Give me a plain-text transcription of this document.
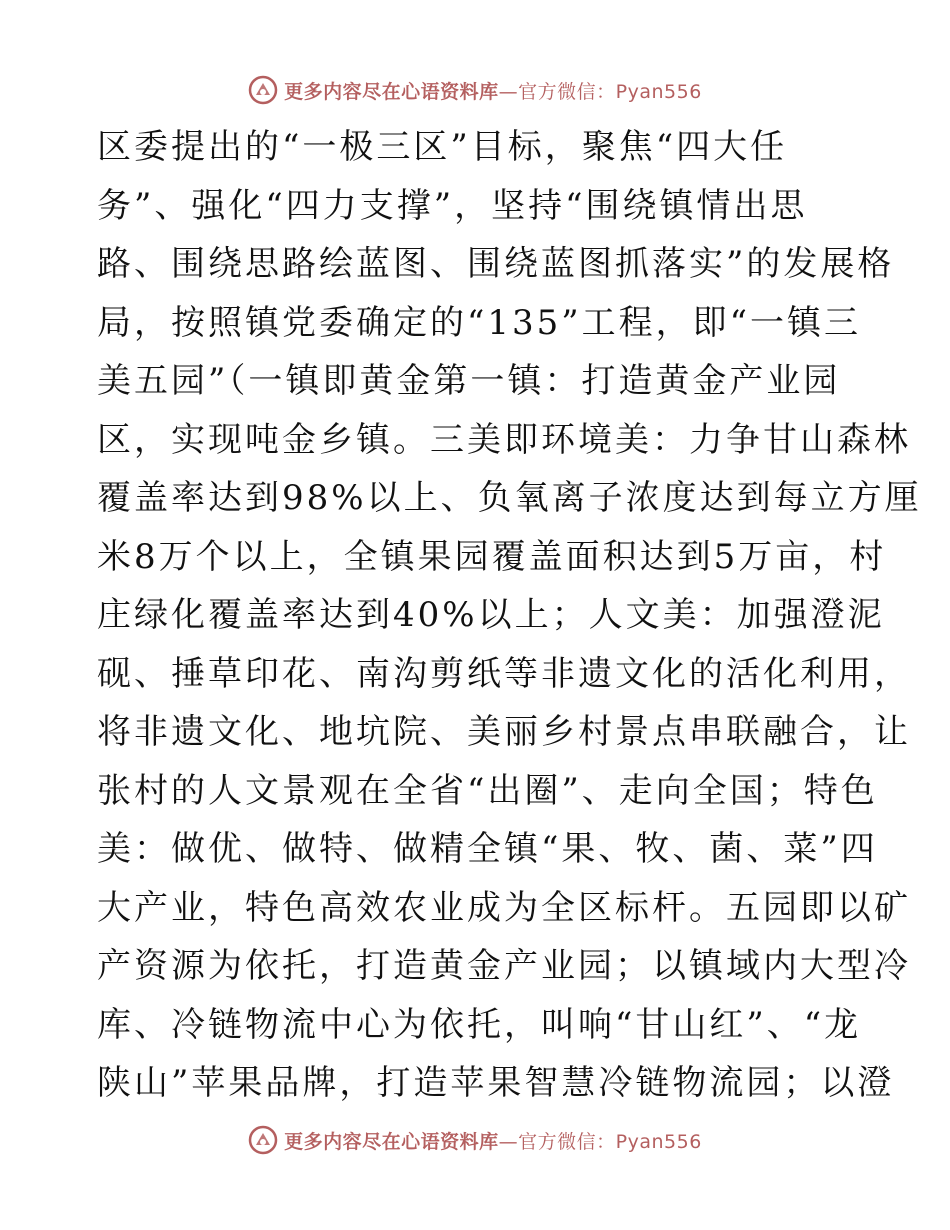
更多内容尽在心语资料库—官方微信：Pyan556
区委提出的“一极三区”目标，聚焦“四大任
务”、强化“四力支撑”，坚持“围绕镇情出思
路、围绕思路绘蓝图、围绕蓝图抓落实”的发展格
局，按照镇党委确定的“135”工程，即“一镇三
美五园”（一镇即黄金第一镇：打造黄金产业园
区，实现吨金乡镇。三美即环境美：力争甘山森林
覆盖率达到98%以上、负氧离子浓度达到每立方厘
米8万个以上，全镇果园覆盖面积达到5万亩，村
庄绿化覆盖率达到40%以上；人文美：加强澄泥
砚、捶草印花、南沟剪纸等非遗文化的活化利用，
将非遗文化、地坑院、美丽乡村景点串联融合，让
张村的人文景观在全省“出圈”、走向全国；特色
美：做优、做特、做精全镇“果、牧、菌、菜”四
大产业，特色高效农业成为全区标杆。五园即以矿
产资源为依托，打造黄金产业园；以镇域内大型冷
库、冷链物流中心为依托，叫响“甘山红”、“龙
陕山”苹果品牌，打造苹果智慧冷链物流园；以澄
更多内容尽在心语资料库—官方微信：Pyan556
